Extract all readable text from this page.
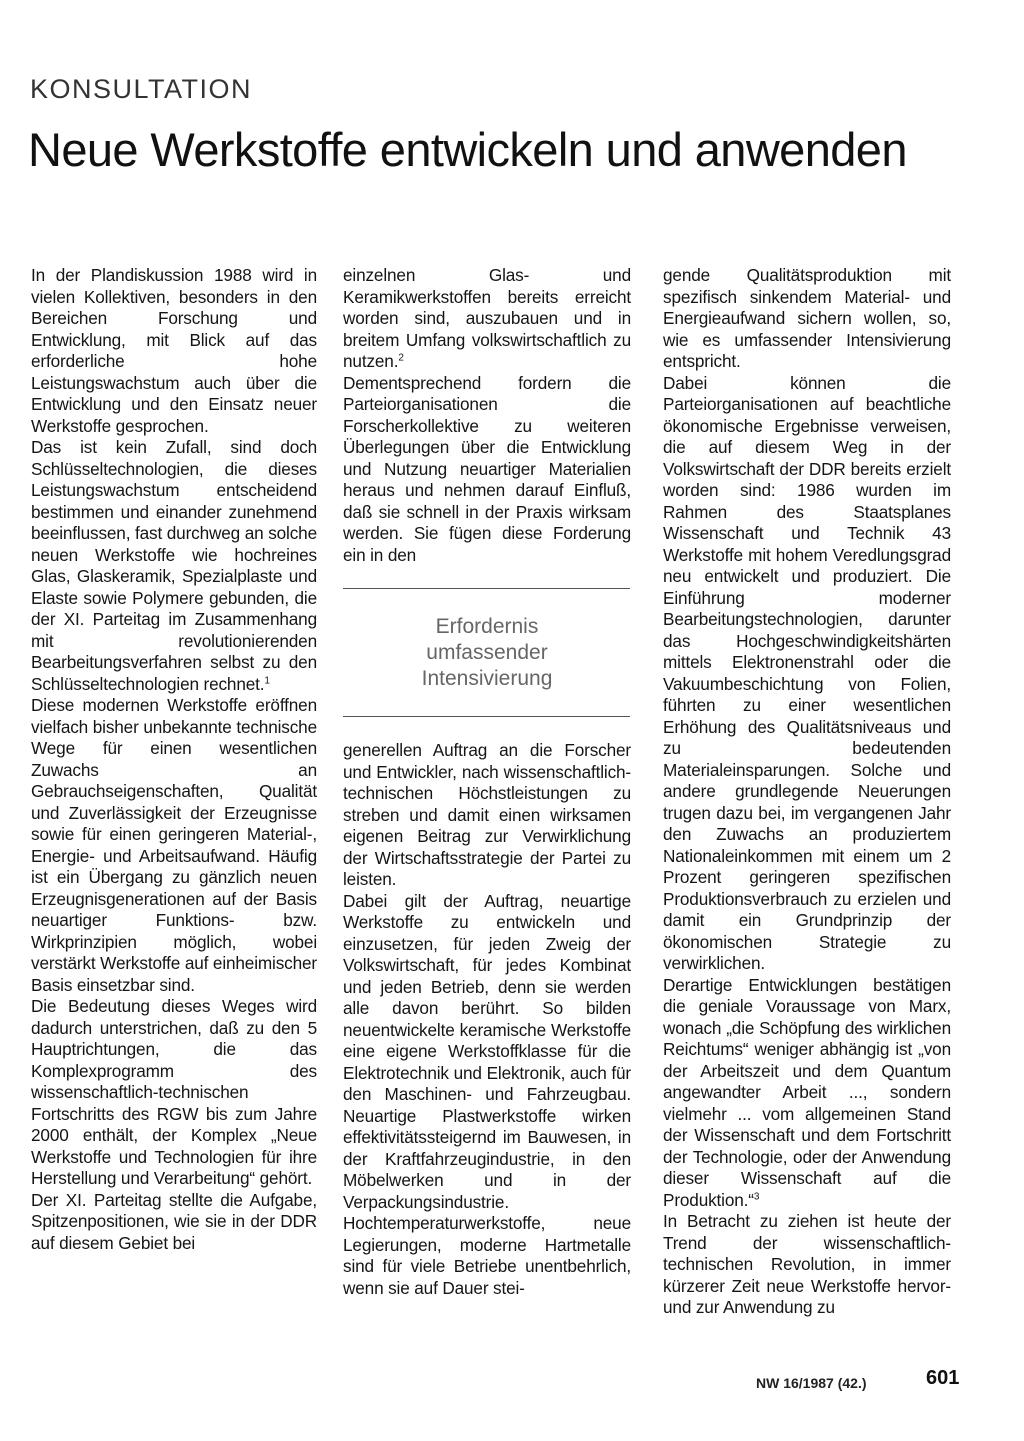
KONSULTATION
Neue Werkstoffe entwickeln und anwenden

In der Plandiskussion 1988 wird in vielen Kollektiven, besonders in den Bereichen Forschung und Entwicklung, mit Blick auf das erforderliche hohe Leistungswachstum auch über die Entwicklung und den Einsatz neuer Werkstoffe gesprochen.

Das ist kein Zufall, sind doch Schlüsseltechnologien, die dieses Leistungswachstum entscheidend bestimmen und einander zunehmend beeinflussen, fast durchweg an solche neuen Werkstoffe wie hochreines Glas, Glaskeramik, Spezialplaste und Elaste sowie Polymere gebunden, die der XI. Parteitag im Zusammenhang mit revolutionierenden Bearbeitungsverfahren selbst zu den Schlüsseltechnologien rechnet.$^1$

Diese modernen Werkstoffe eröffnen vielfach bisher unbekannte technische Wege für einen wesentlichen Zuwachs an Gebrauchseigenschaften, Qualität und Zuverlässigkeit der Erzeugnisse sowie für einen geringeren Material-, Energie- und Arbeitsaufwand. Häufig ist ein Übergang zu gänzlich neuen Erzeugnisgenerationen auf der Basis neuartiger Funktions- bzw. Wirkprinzipien möglich, wobei verstärkt Werkstoffe auf einheimischer Basis einsetzbar sind.

Die Bedeutung dieses Weges wird dadurch unterstrichen, daß zu den 5 Hauptrichtungen, die das Komplexprogramm des wissenschaftlich-technischen Fortschritts des RGW bis zum Jahre 2000 enthält, der Komplex „Neue Werkstoffe und Technologien für ihre Herstellung und Verarbeitung“ gehört.

Der XI. Parteitag stellte die Aufgabe, Spitzenpositionen, wie sie in der DDR auf diesem Gebiet bei

einzelnen Glas- und Keramikwerkstoffen bereits erreicht worden sind, auszubauen und in breitem Umfang volkswirtschaftlich zu nutzen.$^2$

Dementsprechend fordern die Parteiorganisationen die Forscherkollektive zu weiteren Überlegungen über die Entwicklung und Nutzung neuartiger Materialien heraus und nehmen darauf Einfluß, daß sie schnell in der Praxis wirksam werden. Sie fügen diese Forderung ein in den

Erfordernis
umfassender
Intensivierung

generellen Auftrag an die Forscher und Entwickler, nach wissenschaftlich-technischen Höchstleistungen zu streben und damit einen wirksamen eigenen Beitrag zur Verwirklichung der Wirtschaftsstrategie der Partei zu leisten.

Dabei gilt der Auftrag, neuartige Werkstoffe zu entwickeln und einzusetzen, für jeden Zweig der Volkswirtschaft, für jedes Kombinat und jeden Betrieb, denn sie werden alle davon berührt. So bilden neuentwickelte keramische Werkstoffe eine eigene Werkstoffklasse für die Elektrotechnik und Elektronik, auch für den Maschinen- und Fahrzeugbau. Neuartige Plastwerkstoffe wirken effektivitätssteigernd im Bauwesen, in der Kraftfahrzeugindustrie, in den Möbelwerken und in der Verpackungsindustrie. Hochtemperaturwerkstoffe, neue Legierungen, moderne Hartmetalle sind für viele Betriebe unentbehrlich, wenn sie auf Dauer stei-

gende Qualitätsproduktion mit spezifisch sinkendem Material- und Energieaufwand sichern wollen, so, wie es umfassender Intensivierung entspricht.

Dabei können die Parteiorganisationen auf beachtliche ökonomische Ergebnisse verweisen, die auf diesem Weg in der Volkswirtschaft der DDR bereits erzielt worden sind: 1986 wurden im Rahmen des Staatsplanes Wissenschaft und Technik 43 Werkstoffe mit hohem Veredlungsgrad neu entwickelt und produziert. Die Einführung moderner Bearbeitungstechnologien, darunter das Hochgeschwindigkeitshärten mittels Elektronenstrahl oder die Vakuumbeschichtung von Folien, führten zu einer wesentlichen Erhöhung des Qualitätsniveaus und zu bedeutenden Materialeinsparungen. Solche und andere grundlegende Neuerungen trugen dazu bei, im vergangenen Jahr den Zuwachs an produziertem Nationaleinkommen mit einem um 2 Prozent geringeren spezifischen Produktionsverbrauch zu erzielen und damit ein Grundprinzip der ökonomischen Strategie zu verwirklichen.

Derartige Entwicklungen bestätigen die geniale Voraussage von Marx, wonach „die Schöpfung des wirklichen Reichtums“ weniger abhängig ist „von der Arbeitszeit und dem Quantum angewandter Arbeit ..., sondern vielmehr ... vom allgemeinen Stand der Wissenschaft und dem Fortschritt der Technologie, oder der Anwendung dieser Wissenschaft auf die Produktion.“$^3$

In Betracht zu ziehen ist heute der Trend der wissenschaftlich-technischen Revolution, in immer kürzerer Zeit neue Werkstoffe hervor- und zur Anwendung zu

NW 16/1987 (42.)	601
